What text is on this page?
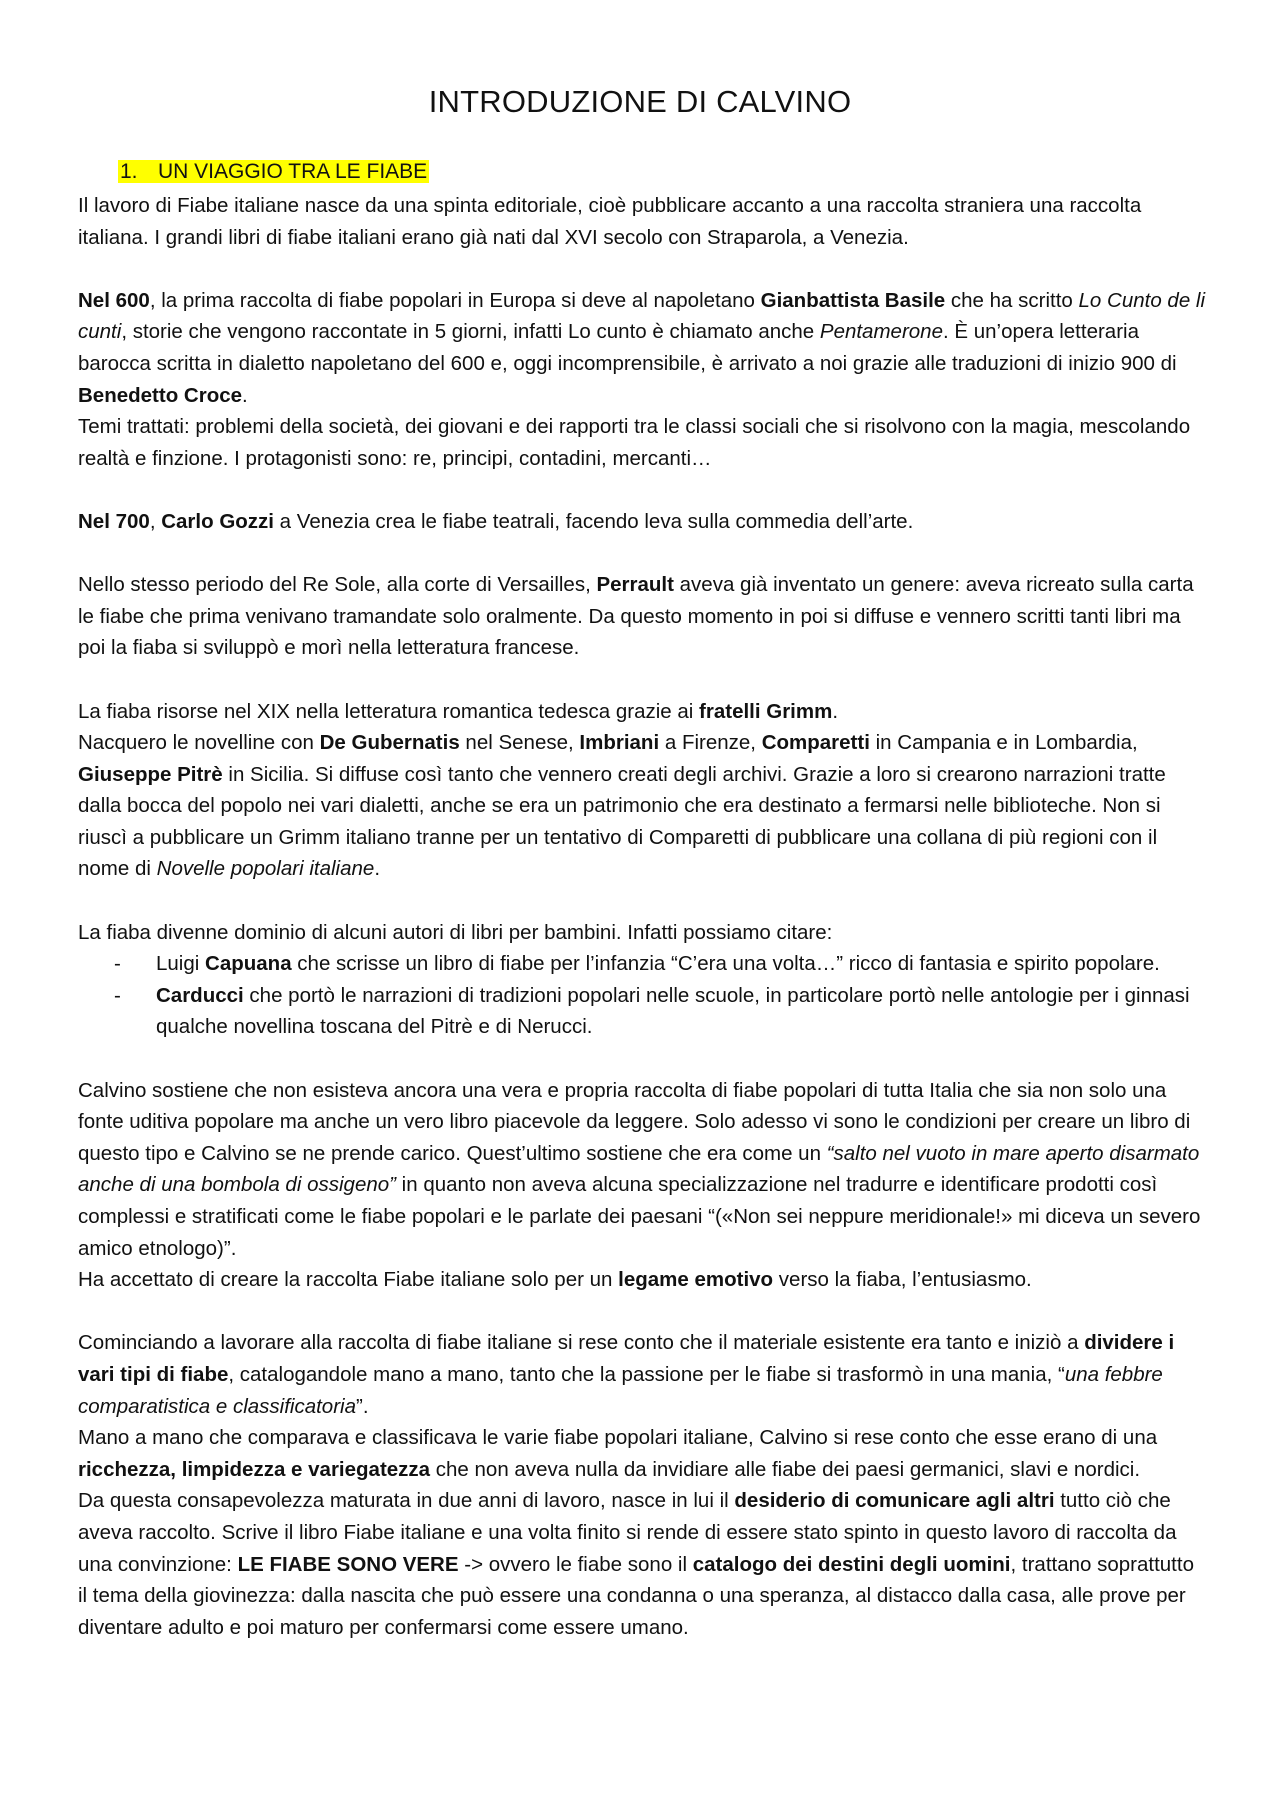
INTRODUZIONE DI CALVINO
1. UN VIAGGIO TRA LE FIABE

Il lavoro di Fiabe italiane nasce da una spinta editoriale, cioè pubblicare accanto a una raccolta straniera una raccolta italiana. I grandi libri di fiabe italiani erano già nati dal XVI secolo con Straparola, a Venezia.

Nel 600, la prima raccolta di fiabe popolari in Europa si deve al napoletano Gianbattista Basile che ha scritto Lo Cunto de li cunti, storie che vengono raccontate in 5 giorni, infatti Lo cunto è chiamato anche Pentamerone. È un’opera letteraria barocca scritta in dialetto napoletano del 600 e, oggi incomprensibile, è arrivato a noi grazie alle traduzioni di inizio 900 di Benedetto Croce.

Temi trattati: problemi della società, dei giovani e dei rapporti tra le classi sociali che si risolvono con la magia, mescolando realtà e finzione. I protagonisti sono: re, principi, contadini, mercanti…

Nel 700, Carlo Gozzi a Venezia crea le fiabe teatrali, facendo leva sulla commedia dell’arte.

Nello stesso periodo del Re Sole, alla corte di Versailles, Perrault aveva già inventato un genere: aveva ricreato sulla carta le fiabe che prima venivano tramandate solo oralmente. Da questo momento in poi si diffuse e vennero scritti tanti libri ma poi la fiaba si sviluppò e morì nella letteratura francese.

La fiaba risorse nel XIX nella letteratura romantica tedesca grazie ai fratelli Grimm.

Nacquero le novelline con De Gubernatis nel Senese, Imbriani a Firenze, Comparetti in Campania e in Lombardia, Giuseppe Pitrè in Sicilia. Si diffuse così tanto che vennero creati degli archivi. Grazie a loro si crearono narrazioni tratte dalla bocca del popolo nei vari dialetti, anche se era un patrimonio che era destinato a fermarsi nelle biblioteche. Non si riuscì a pubblicare un Grimm italiano tranne per un tentativo di Comparetti di pubblicare una collana di più regioni con il nome di Novelle popolari italiane.

La fiaba divenne dominio di alcuni autori di libri per bambini. Infatti possiamo citare:

- Luigi Capuana che scrisse un libro di fiabe per l’infanzia “C’era una volta…” ricco di fantasia e spirito popolare.
- Carducci che portò le narrazioni di tradizioni popolari nelle scuole, in particolare portò nelle antologie per i ginnasi qualche novellina toscana del Pitrè e di Nerucci.

Calvino sostiene che non esisteva ancora una vera e propria raccolta di fiabe popolari di tutta Italia che sia non solo una fonte uditiva popolare ma anche un vero libro piacevole da leggere. Solo adesso vi sono le condizioni per creare un libro di questo tipo e Calvino se ne prende carico. Quest’ultimo sostiene che era come un “salto nel vuoto in mare aperto disarmato anche di una bombola di ossigeno” in quanto non aveva alcuna specializzazione nel tradurre e identificare prodotti così complessi e stratificati come le fiabe popolari e le parlate dei paesani “(«Non sei neppure meridionale!» mi diceva un severo amico etnologo)”.

Ha accettato di creare la raccolta Fiabe italiane solo per un legame emotivo verso la fiaba, l’entusiasmo.

Cominciando a lavorare alla raccolta di fiabe italiane si rese conto che il materiale esistente era tanto e iniziò a dividere i vari tipi di fiabe, catalogandole mano a mano, tanto che la passione per le fiabe si trasformò in una mania, “una febbre comparatistica e classificatoria”.

Mano a mano che comparava e classificava le varie fiabe popolari italiane, Calvino si rese conto che esse erano di una ricchezza, limpidezza e variegatezza che non aveva nulla da invidiare alle fiabe dei paesi germanici, slavi e nordici.

Da questa consapevolezza maturata in due anni di lavoro, nasce in lui il desiderio di comunicare agli altri tutto ciò che aveva raccolto. Scrive il libro Fiabe italiane e una volta finito si rende di essere stato spinto in questo lavoro di raccolta da una convinzione: LE FIABE SONO VERE -> ovvero le fiabe sono il catalogo dei destini degli uomini, trattano soprattutto il tema della giovinezza: dalla nascita che può essere una condanna o una speranza, al distacco dalla casa, alle prove per diventare adulto e poi maturo per confermarsi come essere umano.
